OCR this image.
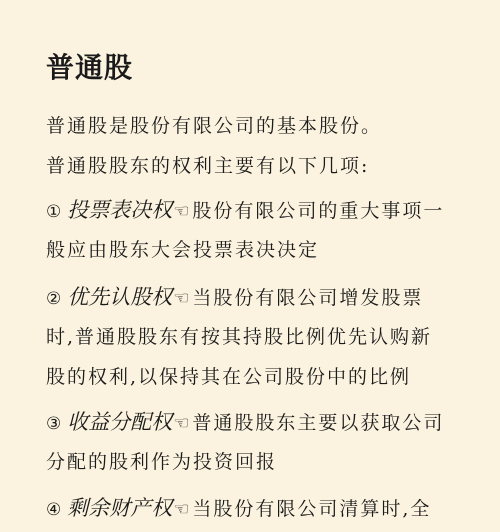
普通股

普通股是股份有限公司的基本股份。

普通股股东的权利主要有以下几项:

① 投票表决权☜股份有限公司的重大事项一

般应由股东大会投票表决决定

② 优先认股权☜当股份有限公司增发股票

时,普通股股东有按其持股比例优先认购新

股的权利,以保持其在公司股份中的比例

③ 收益分配权☜普通股股东主要以获取公司

分配的股利作为投资回报

④ 剩余财产权☜当股份有限公司清算时,全
